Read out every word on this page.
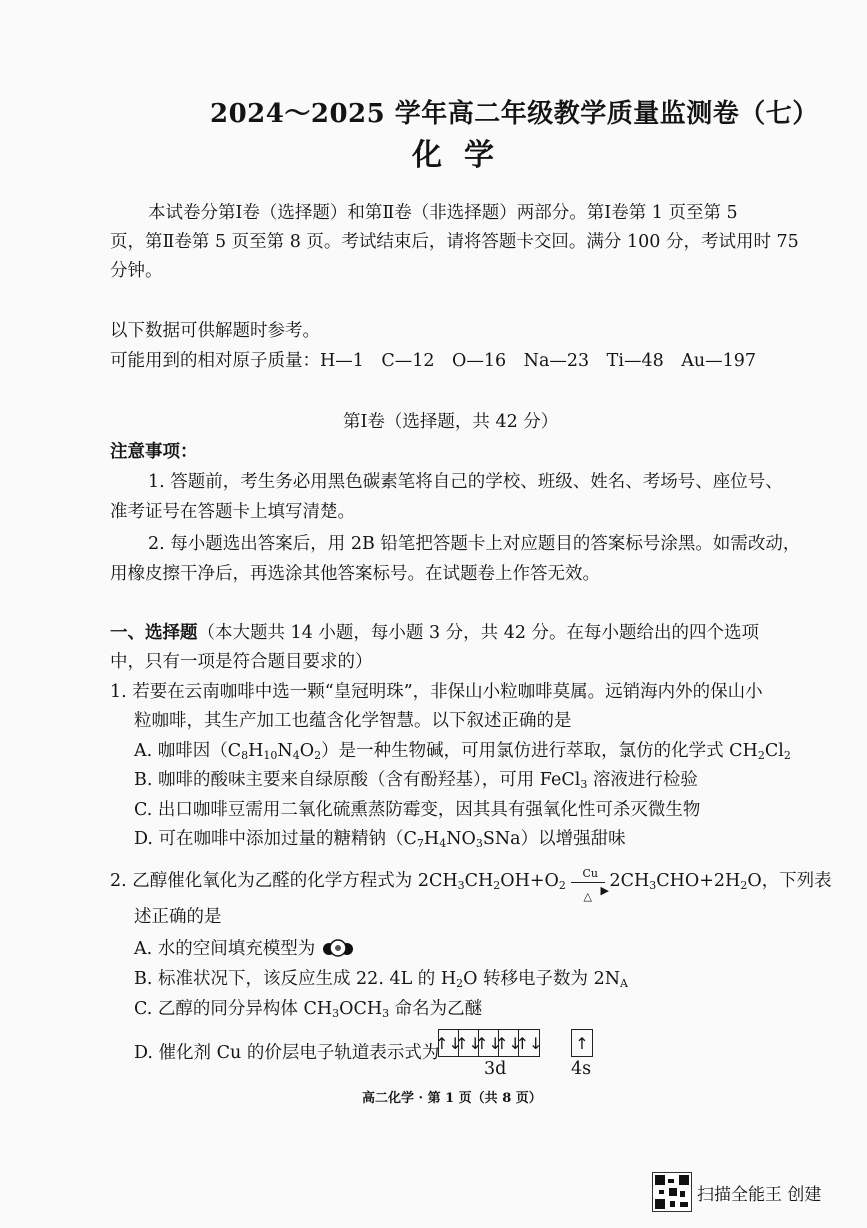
2024～2025 学年高二年级教学质量监测卷（七）
化学
本试卷分第Ⅰ卷（选择题）和第Ⅱ卷（非选择题）两部分。第Ⅰ卷第 1 页至第 5
页，第Ⅱ卷第 5 页至第 8 页。考试结束后，请将答题卡交回。满分 100 分，考试用时 75
分钟。
以下数据可供解题时参考。
可能用到的相对原子质量：H—1　C—12　O—16　Na—23　Ti—48　Au—197
第Ⅰ卷（选择题，共 42 分）
注意事项：
1. 答题前，考生务必用黑色碳素笔将自己的学校、班级、姓名、考场号、座位号、
准考证号在答题卡上填写清楚。
2. 每小题选出答案后，用 2B 铅笔把答题卡上对应题目的答案标号涂黑。如需改动，
用橡皮擦干净后，再选涂其他答案标号。在试题卷上作答无效。
一、选择题（本大题共 14 小题，每小题 3 分，共 42 分。在每小题给出的四个选项
中，只有一项是符合题目要求的）
1. 若要在云南咖啡中选一颗“皇冠明珠”，非保山小粒咖啡莫属。远销海内外的保山小
粒咖啡，其生产加工也蕴含化学智慧。以下叙述正确的是
A. 咖啡因$(C_8H_{10}N_4O_2)$是一种生物碱，可用氯仿进行萃取，氯仿的化学式 $CH_2Cl_2$
B. 咖啡的酸味主要来自绿原酸（含有酚羟基），可用 FeCl$_3$ 溶液进行检验
C. 出口咖啡豆需用二氧化硫熏蒸防霉变，因其具有强氧化性可杀灭微生物
D. 可在咖啡中添加过量的糖精钠$(C_7H_4NO_3SNa)$以增强甜味
2. 乙醇催化氧化为乙醛的化学方程式为 $2CH_3CH_2OH+O_2$
Cu
▶
△
$2CH_3CHO+2H_2O$，下列表
述正确的是
A. 水的空间填充模型为
B. 标准状况下，该反应生成 22. 4L 的 $H_2O$ 转移电子数为 $2N_A$
C. 乙醇的同分异构体 $CH_3OCH_3$ 命名为乙醚
D. 催化剂 Cu 的价层电子轨道表示式为
↑↓
↑↓
↑↓
↑↓
↑↓ ↑
3d	4s
高二化学 · 第 1 页（共 8 页）
扫描全能王 创建
